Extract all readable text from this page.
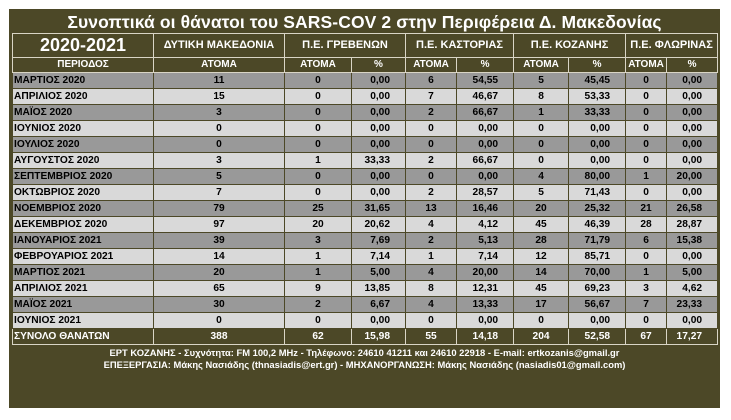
Συνοπτικά οι θάνατοι του SARS-COV 2 στην Περιφέρεια Δ. Μακεδονίας
2020-2021	ΔΥΤΙΚΗ ΜΑΚΕΔΟΝΙΑ	Π.Ε. ΓΡΕΒΕΝΩΝ		Π.Ε. ΚΑΣΤΟΡΙΑΣ		Π.Ε. ΚΟΖΑΝΗΣ		Π.Ε. ΦΛΩΡΙΝΑΣ	
ΠΕΡΙΟΔΟΣ	ΑΤΟΜΑ	ΑΤΟΜΑ	%	ΑΤΟΜΑ	%	ΑΤΟΜΑ	%	ΑΤΟΜΑ	%
ΜΑΡΤΙΟΣ 2020	11	0	0,00	6	54,55	5	45,45	0	0,00
ΑΠΡΙΛΙΟΣ 2020	15	0	0,00	7	46,67	8	53,33	0	0,00
ΜΑΪΟΣ 2020	3	0	0,00	2	66,67	1	33,33	0	0,00
ΙΟΥΝΙΟΣ 2020	0	0	0,00	0	0,00	0	0,00	0	0,00
ΙΟΥΛΙΟΣ 2020	0	0	0,00	0	0,00	0	0,00	0	0,00
ΑΥΓΟΥΣΤΟΣ 2020	3	1	33,33	2	66,67	0	0,00	0	0,00
ΣΕΠΤΕΜΒΡΙΟΣ 2020	5	0	0,00	0	0,00	4	80,00	1	20,00
ΟΚΤΩΒΡΙΟΣ 2020	7	0	0,00	2	28,57	5	71,43	0	0,00
ΝΟΕΜΒΡΙΟΣ 2020	79	25	31,65	13	16,46	20	25,32	21	26,58
ΔΕΚΕΜΒΡΙΟΣ 2020	97	20	20,62	4	4,12	45	46,39	28	28,87
ΙΑΝΟΥΑΡΙΟΣ 2021	39	3	7,69	2	5,13	28	71,79	6	15,38
ΦΕΒΡΟΥΑΡΙΟΣ 2021	14	1	7,14	1	7,14	12	85,71	0	0,00
ΜΑΡΤΙΟΣ 2021	20	1	5,00	4	20,00	14	70,00	1	5,00
ΑΠΡΙΛΙΟΣ 2021	65	9	13,85	8	12,31	45	69,23	3	4,62
ΜΑΪΟΣ 2021	30	2	6,67	4	13,33	17	56,67	7	23,33
ΙΟΥΝΙΟΣ 2021	0	0	0,00	0	0,00	0	0,00	0	0,00
ΣΥΝΟΛΟ ΘΑΝΑΤΩΝ	388	62	15,98	55	14,18	204	52,58	67	17,27
ΕΡΤ ΚΟΖΑΝΗΣ - Συχνότητα: FM 100,2 MHz - Τηλέφωνο: 24610 41211 και 24610 22918 - E-mail: ertkozanis@gmail.gr
ΕΠΕΞΕΡΓΑΣΙΑ: Μάκης Νασιάδης (thnasiadis@ert.gr) - ΜΗΧΑΝΟΡΓΑΝΩΣΗ: Μάκης Νασιάδης (nasiadis01@gmail.com)
